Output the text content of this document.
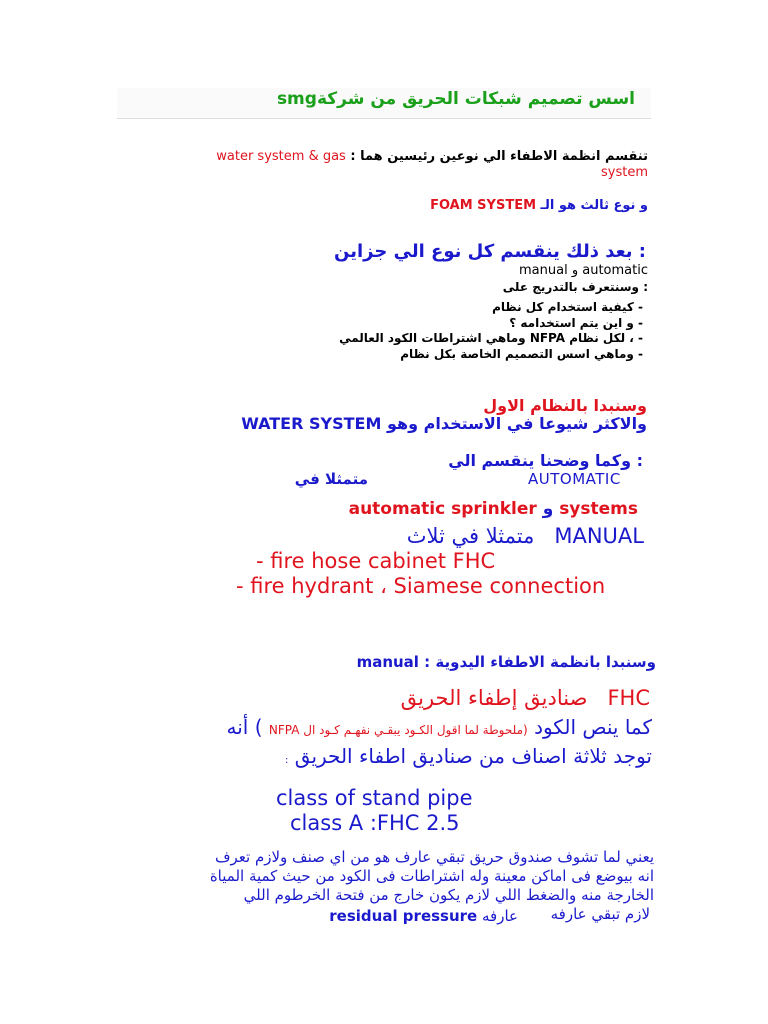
اسس تصميم شبكات الحريق من شركةsmg
تنقسم انظمة الاطفاء الي نوعين رئيسين هما : water system & gas
system
و نوع ثالث هو الـ FOAM SYSTEM
: بعد ذلك ينقسم كل نوع الي جزاين
manual و automatic
: وسنتعرف بالتدريج على
- كيفية استخدام كل نظام
- و اين يتم استخدامه ؟
- ، لكل نظام NFPA وماهي اشتراطات الكود العالمي
- وماهي اسس التصميم الخاصة بكل نظام
وسنبدا بالنظام الاول
والاكثر شيوعا في الاستخدام وهو WATER SYSTEM
: وكما وضحنا ينقسم الي
AUTOMATIC
متمثلا في
automatic sprinkler و systems
متمثلا في ثلاث MANUAL
- fire hose cabinet FHC
- fire hydrant ، Siamese connection
وسنبدا بانظمة الاطفاء اليدوية : manual
صناديق إطفاء الحريق FHC
كما ينص الكود (ملحوطة لما اقول الكـود يبقـي نفهـم كـود ال NFPA ) أنه
توجد ثلاثة اصناف من صناديق اطفاء الحريق :
class of stand pipe
class A :FHC 2.5
يعني لما تشوف صندوق حريق تبقي عارف هو من اي صنف ولازم تعرف
انه بيوضع فى اماكن معينة وله اشتراطات فى الكود من حيث كمية المياة
الخارجة منه والضغط اللي لازم يكون خارج من فتحة الخرطوم اللي
عارفه residual pressure	لازم تبقي عارفه
